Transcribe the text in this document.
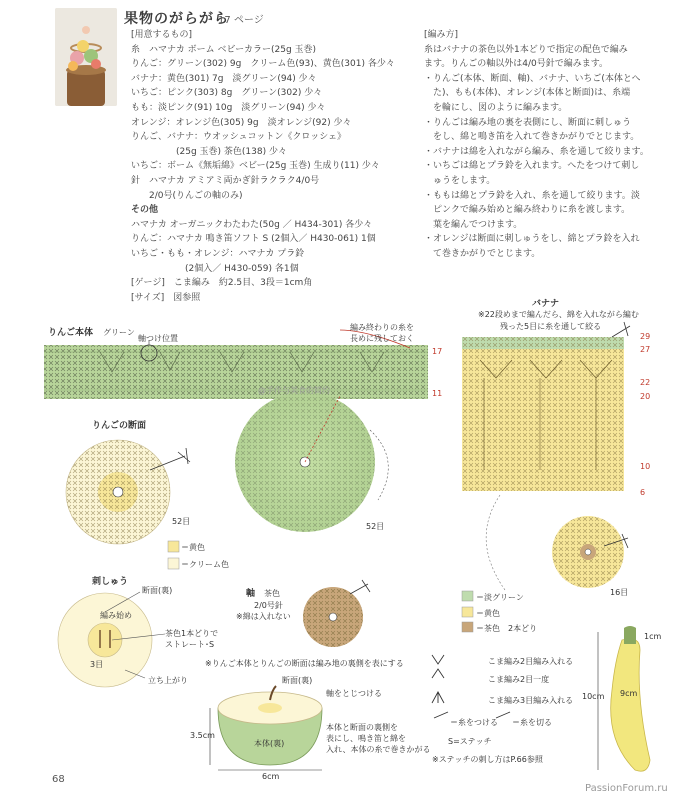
果物のがらがら
17 ページ
[用意するもの]
糸　ハマナカ ボーム ベビーカラー(25g 玉巻)
りんご：グリーン(302) 9g　クリーム色(93)、黄色(301) 各少々
バナナ：黄色(301) 7g　淡グリーン(94) 少々
いちご：ピンク(303) 8g　グリーン(302) 少々
もも：淡ピンク(91) 10g　淡グリーン(94) 少々
オレンジ：オレンジ色(305) 9g　淡オレンジ(92) 少々
りんご、バナナ：ウオッシュコットン《クロッシェ》
　　　　　(25g 玉巻) 茶色(138) 少々
いちご：ボーム《無垢綿》ベビー(25g 玉巻) 生成り(11) 少々
針　ハマナカ アミアミ両かぎ針ラクラク4/0号
　　2/0号(りんごの軸のみ)
その他
ハマナカ オーガニックわたわた(50g ／ H434-301) 各少々
りんご：ハマナカ 鳴き笛ソフト S (2個入／ H430-061) 1個
いちご・もも・オレンジ：ハマナカ プラ鈴
　　　　　　(2個入／ H430-059) 各1個
[ゲージ]　こま編み　約2.5目、3段＝1cm角
[サイズ]　図参照
[編み方]
糸はバナナの茶色以外1本どりで指定の配色で編み
ます。りんごの軸以外は4/0号針で編みます。
・りんご(本体、断面、軸)、バナナ、いちご(本体とへ
　た)、もも(本体)、オレンジ(本体と断面)は、糸端
　を輪にし、図のように編みます。
・りんごは編み地の裏を表側にし、断面に刺しゅう
　をし、綿と鳴き笛を入れて巻きかがりでとじます。
・バナナは綿を入れながら編み、糸を通して絞ります。
・いちごは綿とプラ鈴を入れます。へたをつけて刺し
　ゅうをします。
・ももは綿とプラ鈴を入れ、糸を通して絞ります。淡
　ピンクで編み始めと編み終わりに糸を渡します。
　葉を編んでつけます。
・オレンジは断面に刺しゅうをし、綿とプラ鈴を入れ
　て巻きかがりでとじます。
りんご本体 グリーン
軸つけ位置
編み終わりの糸を
長めに残しておく
17
11
@手作与美食的简约
52目
りんごの断面
52目
＝黄色
＝クリーム色
刺しゅう
断面(裏)
編み始め
茶色1本どりで
ストレート･S
3目
立ち上がり
軸 茶色
2/0号針
※綿は入れない
※りんご本体とりんごの断面は編み地の裏側を表にする
断面(裏)
軸をとじつける
本体(裏)
本体と断面の裏側を
表にし、鳴き笛と綿を
入れ、本体の糸で巻きかがる
3.5cm
6cm
バナナ
※22段めまで編んだら、綿を入れながら編む
残った5目に糸を通して絞る
29
27
22
20
10
6
16目
＝淡グリーン
＝黄色
＝茶色　2本どり
1cm
10cm 9cm
こま編み2目編み入れる
こま編み2目一度
こま編み3目編み入れる
＝糸をつける ＝糸を切る
S=ステッチ
※ステッチの刺し方はP.66参照
68
PassionForum.ru
